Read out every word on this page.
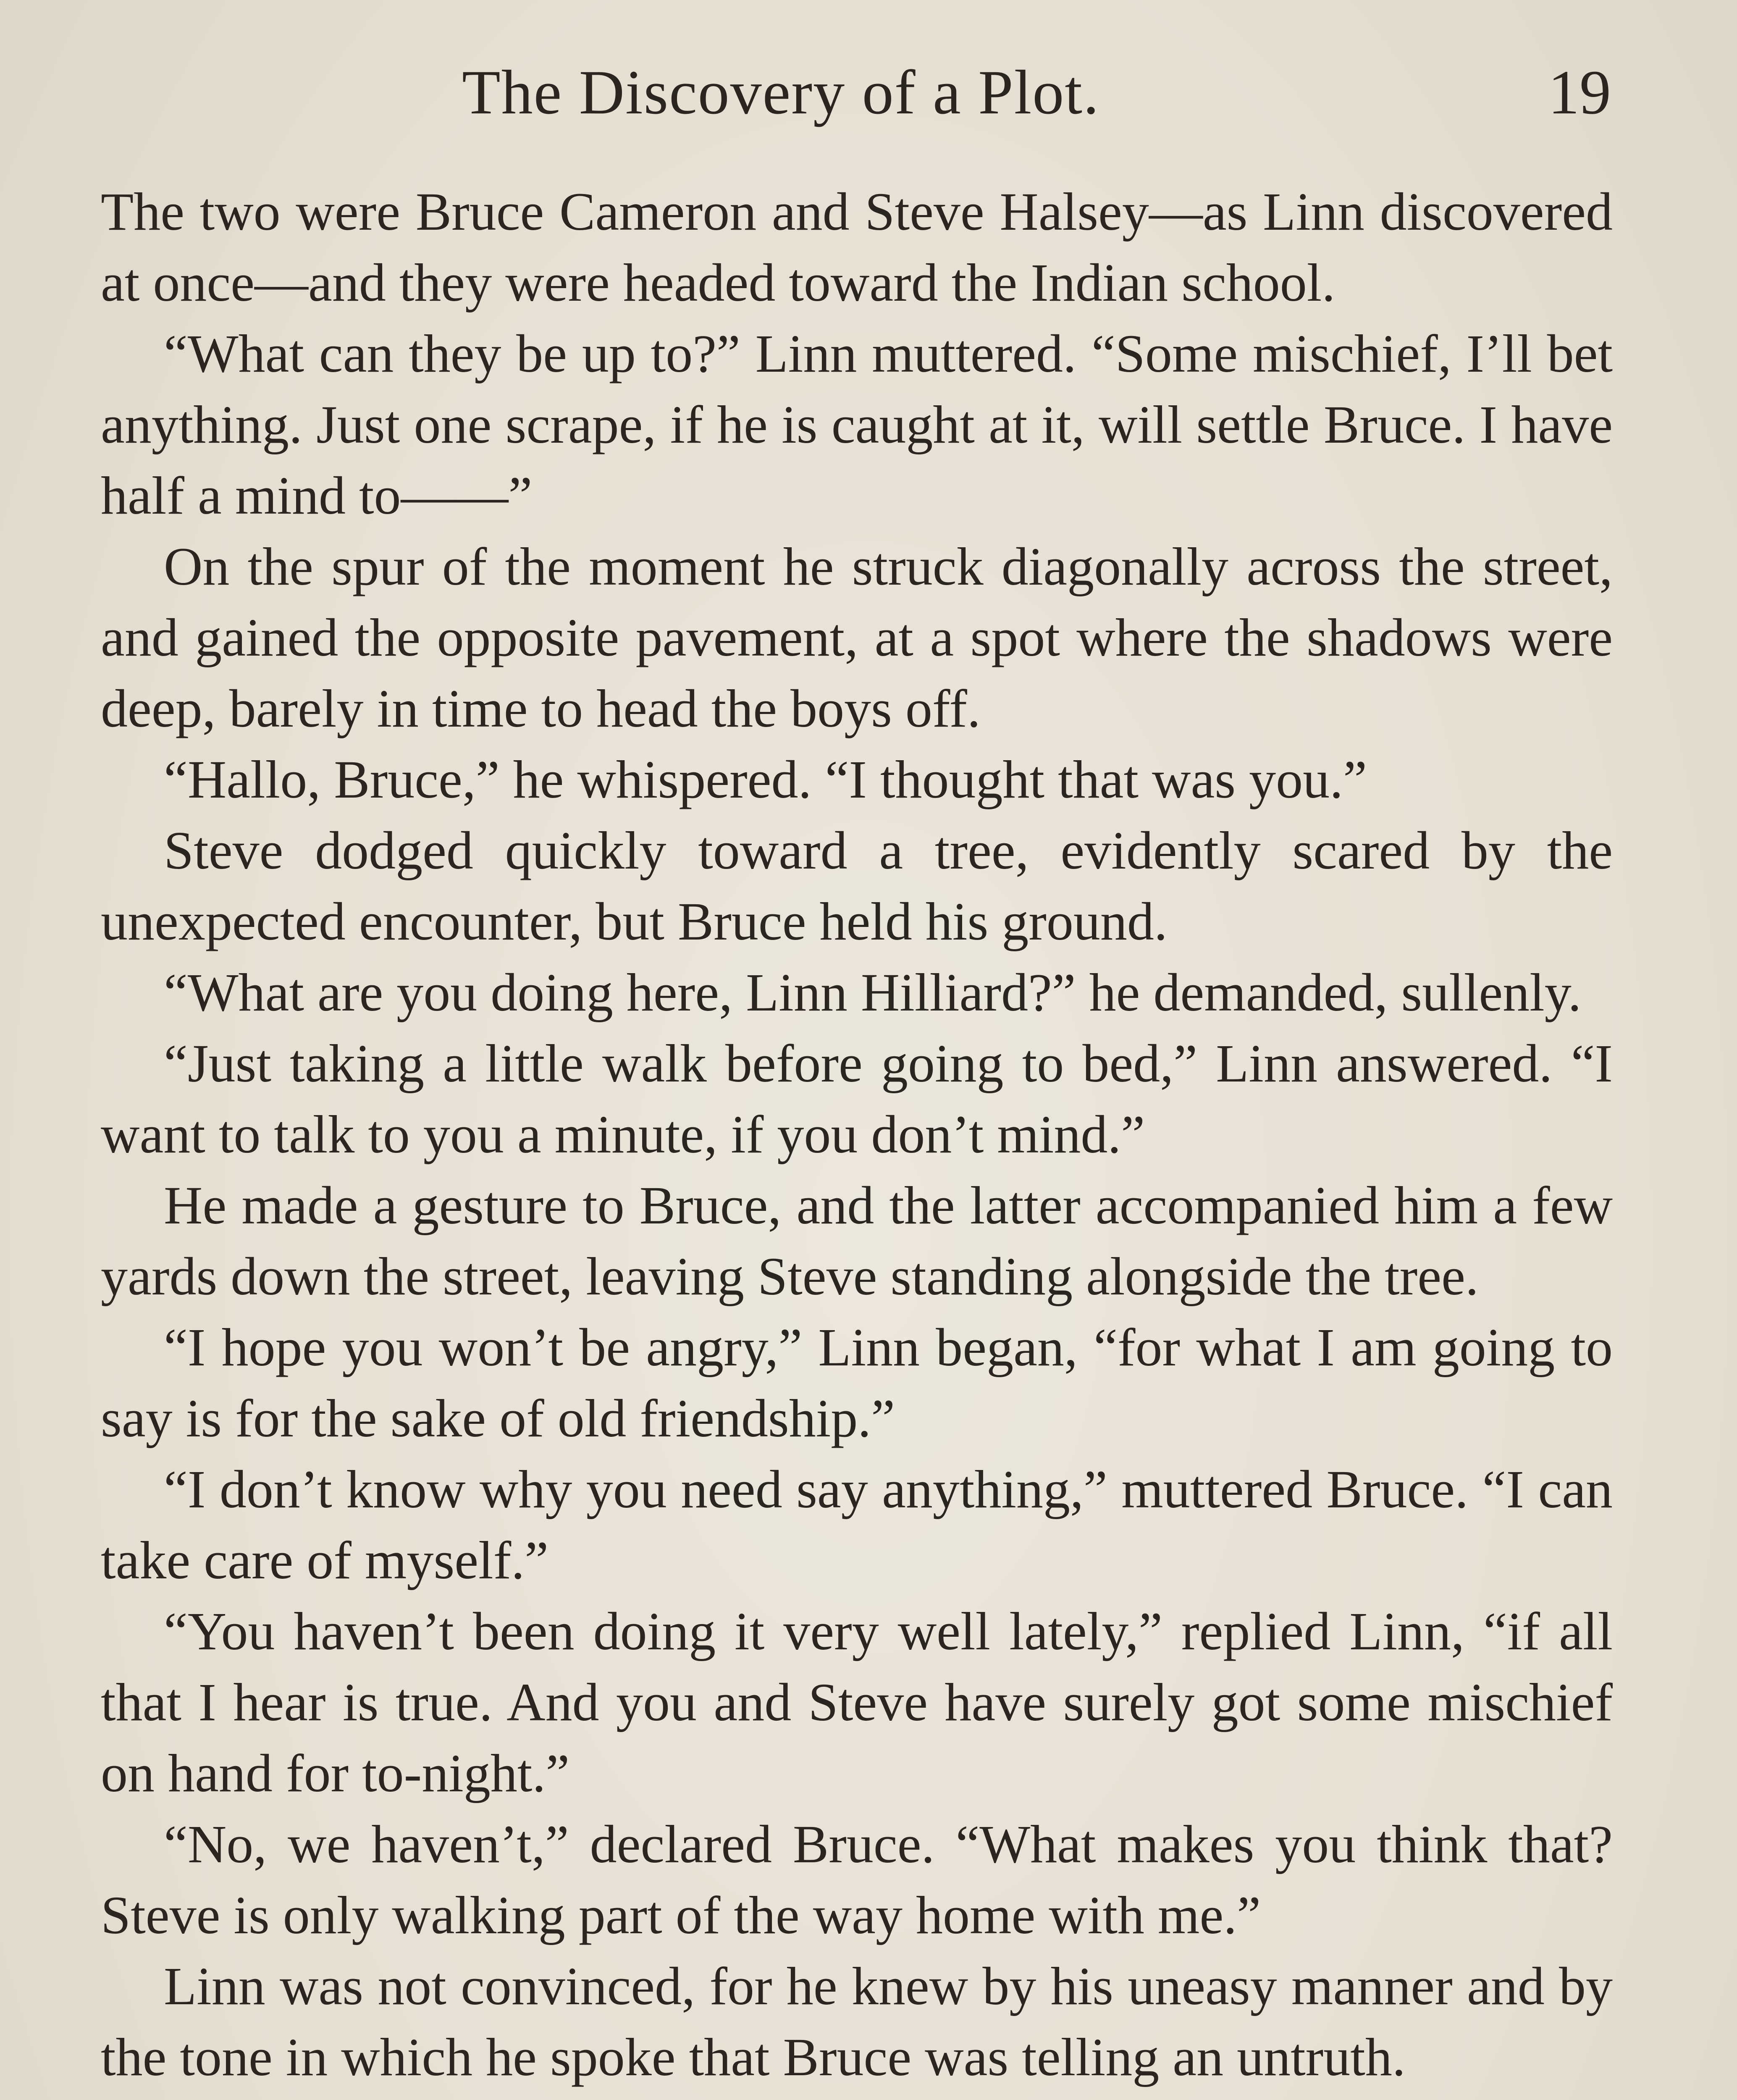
The Discovery of a Plot.	19

The two were Bruce Cameron and Steve Halsey—as Linn discovered at once—and they were headed toward the Indian school.

“What can they be up to?” Linn muttered. “Some mischief, I’ll bet anything. Just one scrape, if he is caught at it, will settle Bruce. I have half a mind to——”

On the spur of the moment he struck diagonally across the street, and gained the opposite pavement, at a spot where the shadows were deep, barely in time to head the boys off.

“Hallo, Bruce,” he whispered. “I thought that was you.”

Steve dodged quickly toward a tree, evidently scared by the unexpected encounter, but Bruce held his ground.

“What are you doing here, Linn Hilliard?” he demanded, sullenly.

“Just taking a little walk before going to bed,” Linn answered. “I want to talk to you a minute, if you don’t mind.”

He made a gesture to Bruce, and the latter accompanied him a few yards down the street, leaving Steve standing alongside the tree.

“I hope you won’t be angry,” Linn began, “for what I am going to say is for the sake of old friendship.”

“I don’t know why you need say anything,” muttered Bruce. “I can take care of myself.”

“You haven’t been doing it very well lately,” replied Linn, “if all that I hear is true. And you and Steve have surely got some mischief on hand for to-night.”

“No, we haven’t,” declared Bruce. “What makes you think that? Steve is only walking part of the way home with me.”

Linn was not convinced, for he knew by his uneasy manner and by the tone in which he spoke that Bruce was telling an untruth.
